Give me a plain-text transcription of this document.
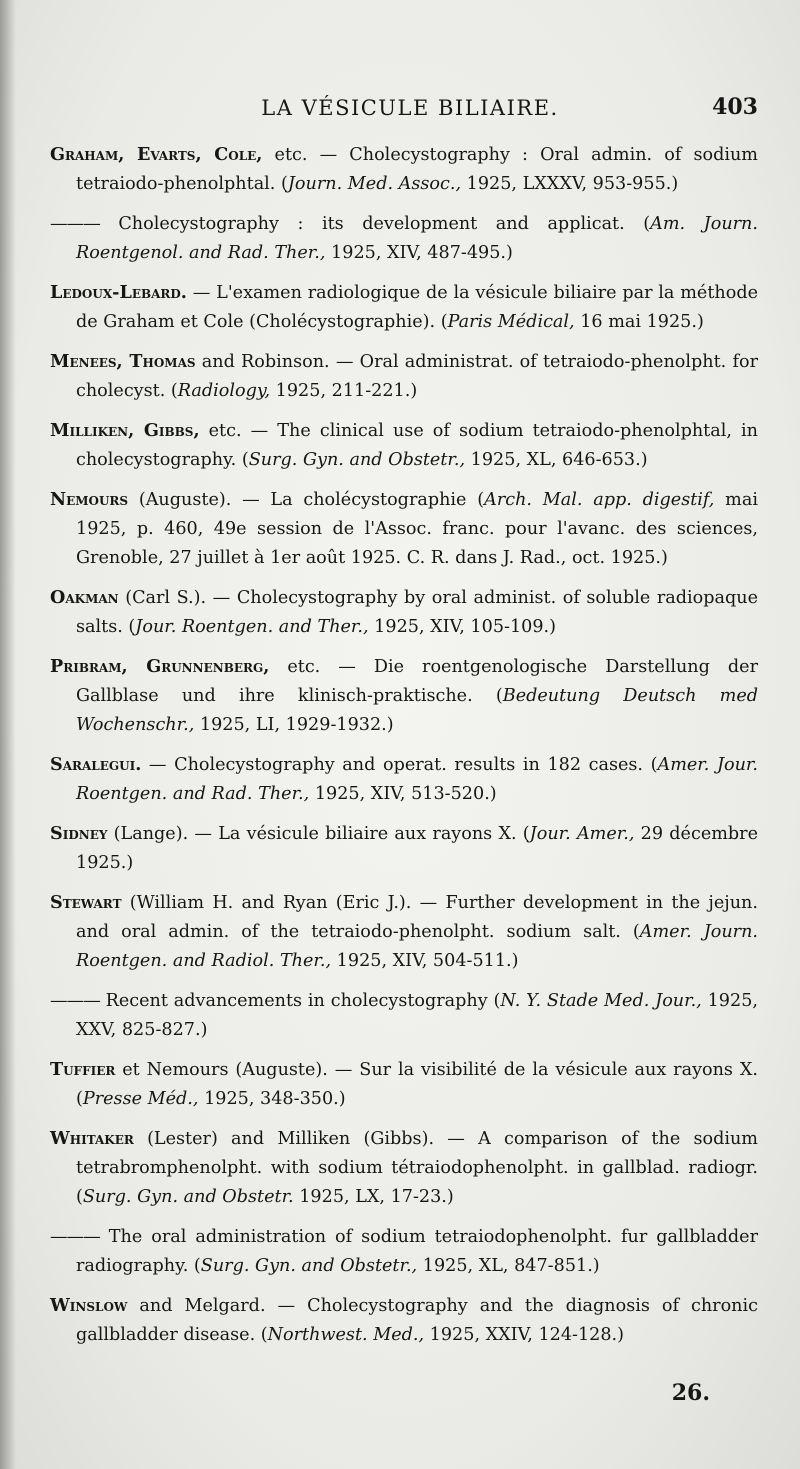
LA VÉSICULE BILIAIRE.	403
Graham, Evarts, Cole, etc. — Cholecystography : Oral admin. of sodium tetraiodo-phenolphtal. (Journ. Med. Assoc., 1925, LXXXV, 953-955.)
——— Cholecystography : its development and applicat. (Am. Journ. Roentgenol. and Rad. Ther., 1925, XIV, 487-495.)
Ledoux-Lebard. — L'examen radiologique de la vésicule biliaire par la méthode de Graham et Cole (Cholécystographie). (Paris Médical, 16 mai 1925.)
Menees, Thomas and Robinson. — Oral administrat. of tetraiodo-phenolpht. for cholecyst. (Radiology, 1925, 211-221.)
Milliken, Gibbs, etc. — The clinical use of sodium tetraiodo-phenolphtal, in cholecystography. (Surg. Gyn. and Obstetr., 1925, XL, 646-653.)
Nemours (Auguste). — La cholécystographie (Arch. Mal. app. digestif, mai 1925, p. 460, 49e session de l'Assoc. franc. pour l'avanc. des sciences, Grenoble, 27 juillet à 1er août 1925. C. R. dans J. Rad., oct. 1925.)
Oakman (Carl S.). — Cholecystography by oral administ. of soluble radiopaque salts. (Jour. Roentgen. and Ther., 1925, XIV, 105-109.)
Pribram, Grunnenberg, etc. — Die roentgenologische Darstellung der Gallblase und ihre klinisch-praktische. (Bedeutung Deutsch med Wochenschr., 1925, LI, 1929-1932.)
Saralegui. — Cholecystography and operat. results in 182 cases. (Amer. Jour. Roentgen. and Rad. Ther., 1925, XIV, 513-520.)
Sidney (Lange). — La vésicule biliaire aux rayons X. (Jour. Amer., 29 décembre 1925.)
Stewart (William H. and Ryan (Eric J.). — Further development in the jejun. and oral admin. of the tetraiodo-phenolpht. sodium salt. (Amer. Journ. Roentgen. and Radiol. Ther., 1925, XIV, 504-511.)
——— Recent advancements in cholecystography (N. Y. Stade Med. Jour., 1925, XXV, 825-827.)
Tuffier et Nemours (Auguste). — Sur la visibilité de la vésicule aux rayons X. (Presse Méd., 1925, 348-350.)
Whitaker (Lester) and Milliken (Gibbs). — A comparison of the sodium tetrabromphenolpht. with sodium tétraiodophenolpht. in gallblad. radiogr. (Surg. Gyn. and Obstetr. 1925, LX, 17-23.)
——— The oral administration of sodium tetraiodophenolpht. fur gallbladder radiography. (Surg. Gyn. and Obstetr., 1925, XL, 847-851.)
Winslow and Melgard. — Cholecystography and the diagnosis of chronic gallbladder disease. (Northwest. Med., 1925, XXIV, 124-128.)
26.
